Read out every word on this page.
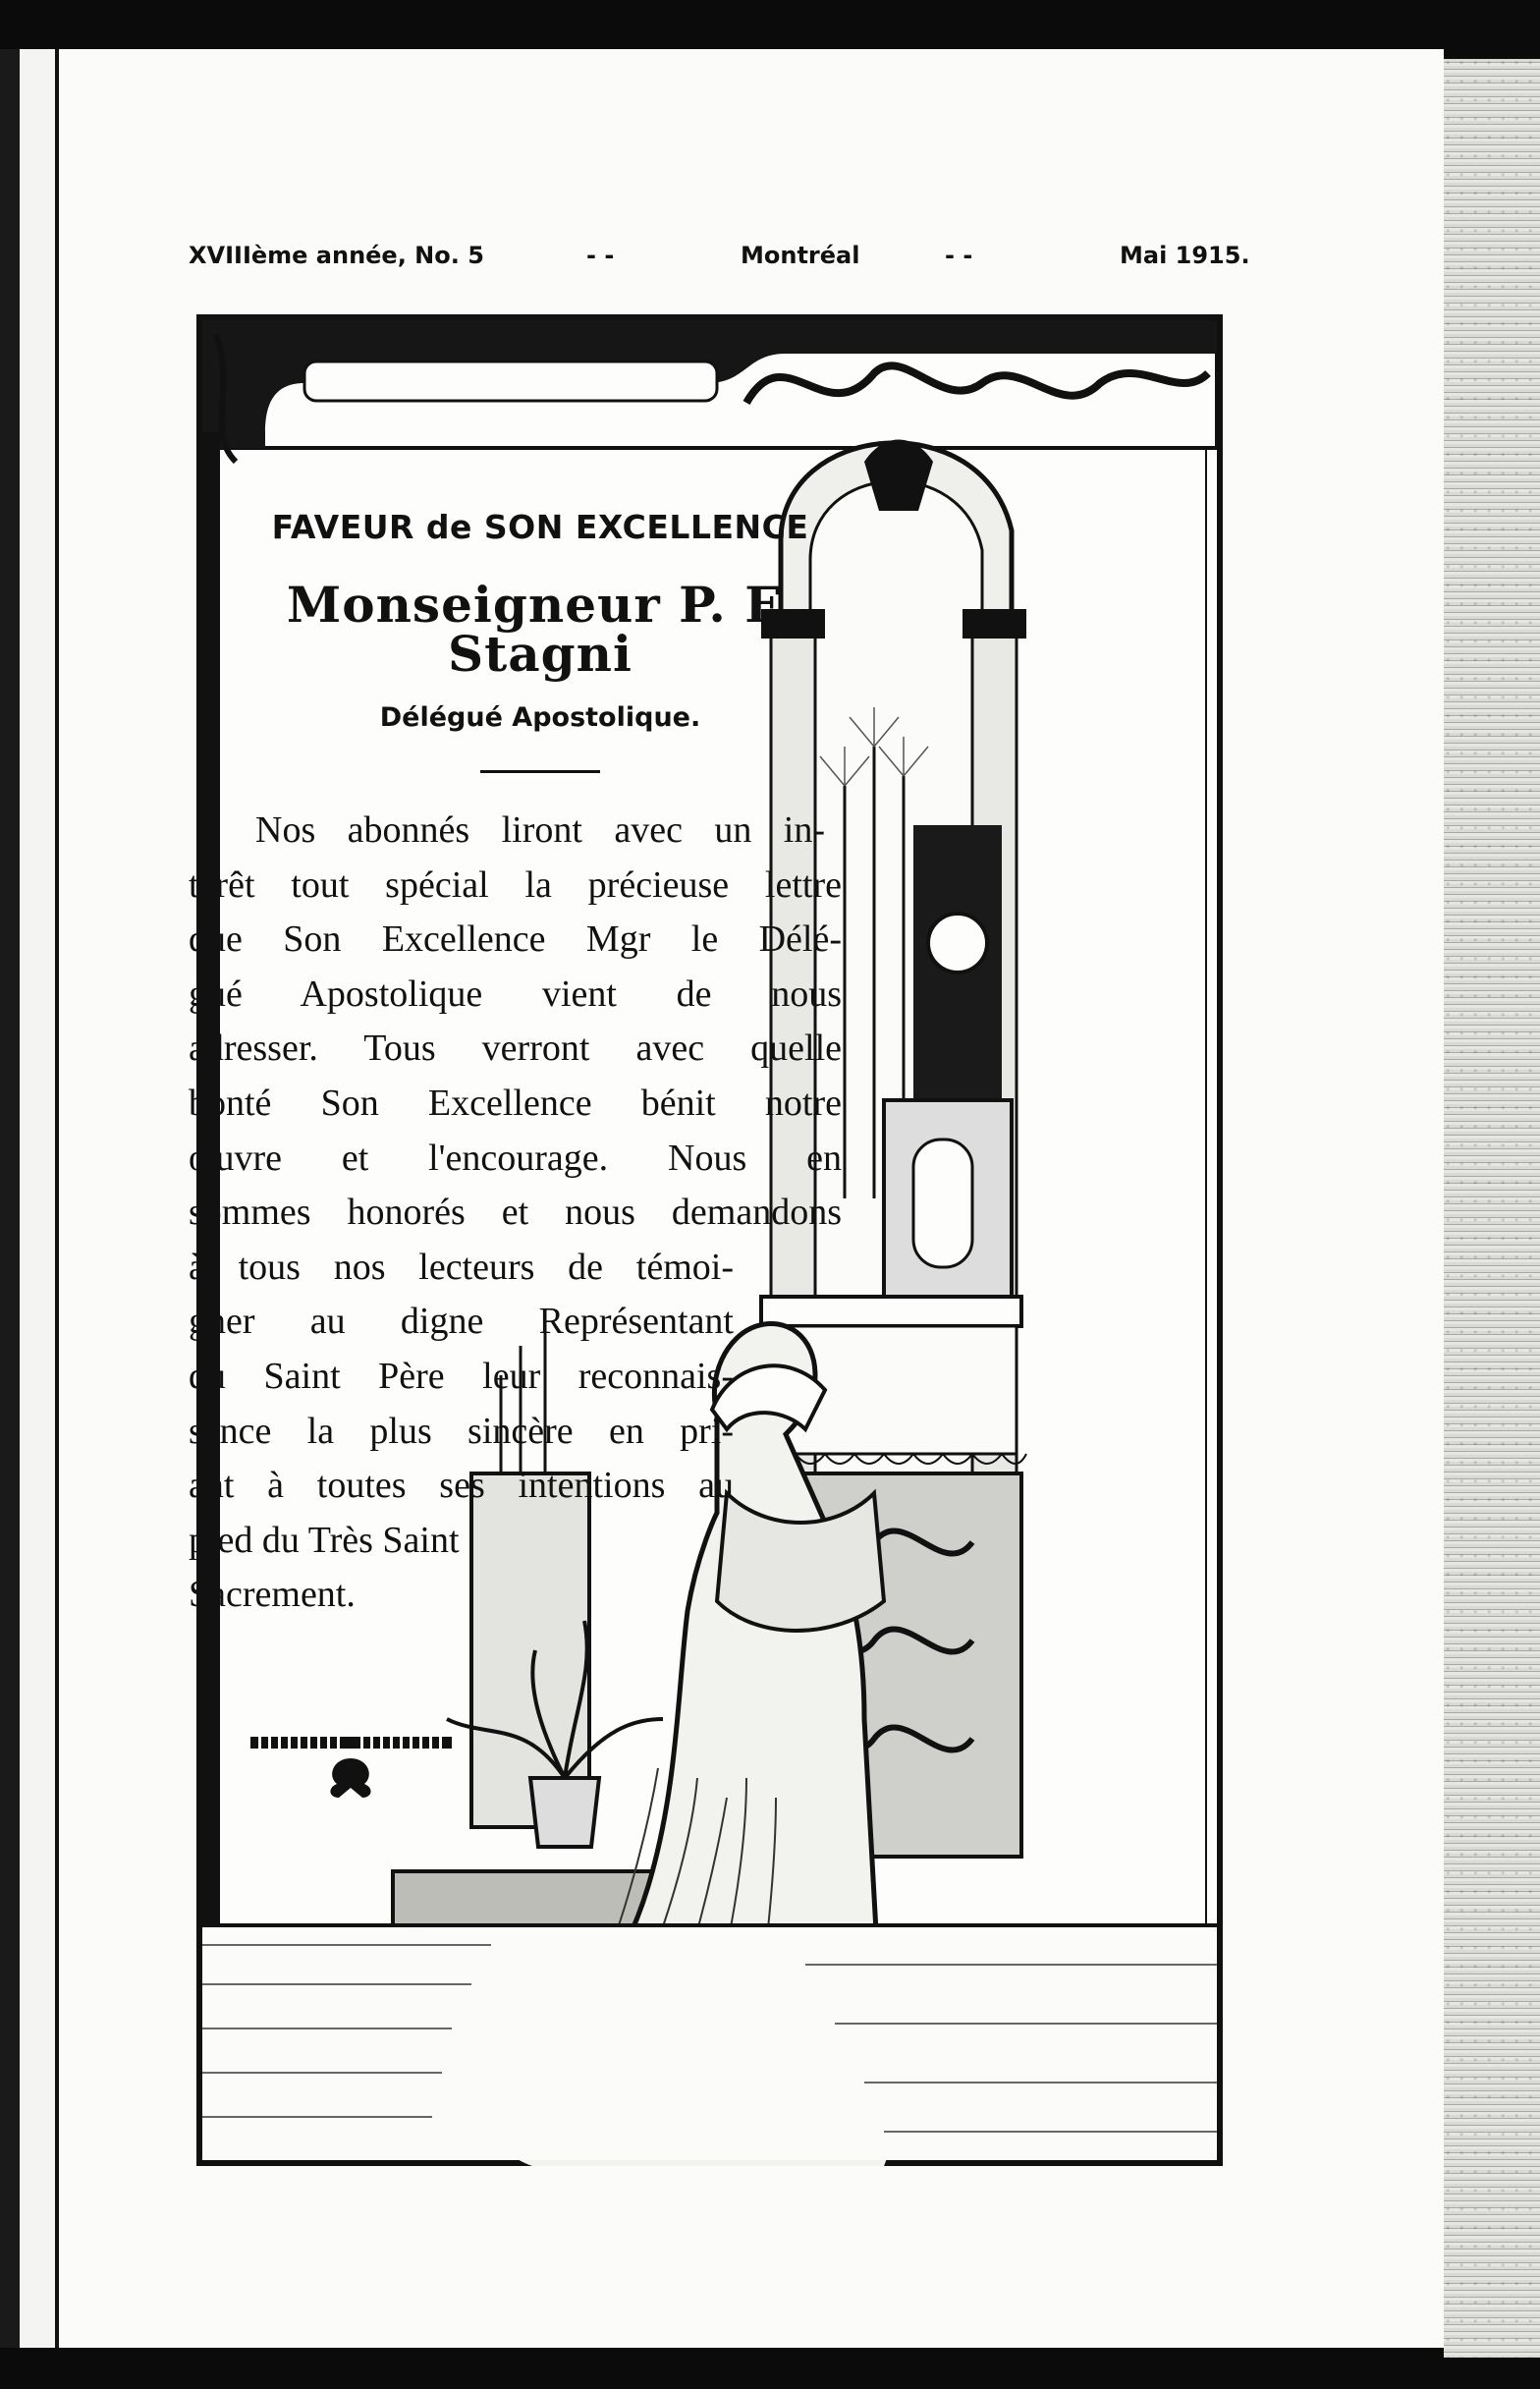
XVIIIème année, No. 5	- -	Montréal	- -	Mai 1915.

FAVEUR de SON EXCELLENCE

Monseigneur P. F. Stagni

Délégué Apostolique.

Nos abonnés liront avec un in-
térêt tout spécial la précieuse lettre
que Son Excellence Mgr le Délé-
gué Apostolique vient de nous
adresser. Tous verront avec quelle
bonté Son Excellence bénit notre
œuvre et l'encourage. Nous en
sommes honorés et nous demandons
à tous nos lecteurs de témoi-
gner au digne Représentant
du Saint Père leur reconnais-
sance la plus sincère en pri-
ant à toutes ses intentions au
pied du Très Saint
Sacrement.
